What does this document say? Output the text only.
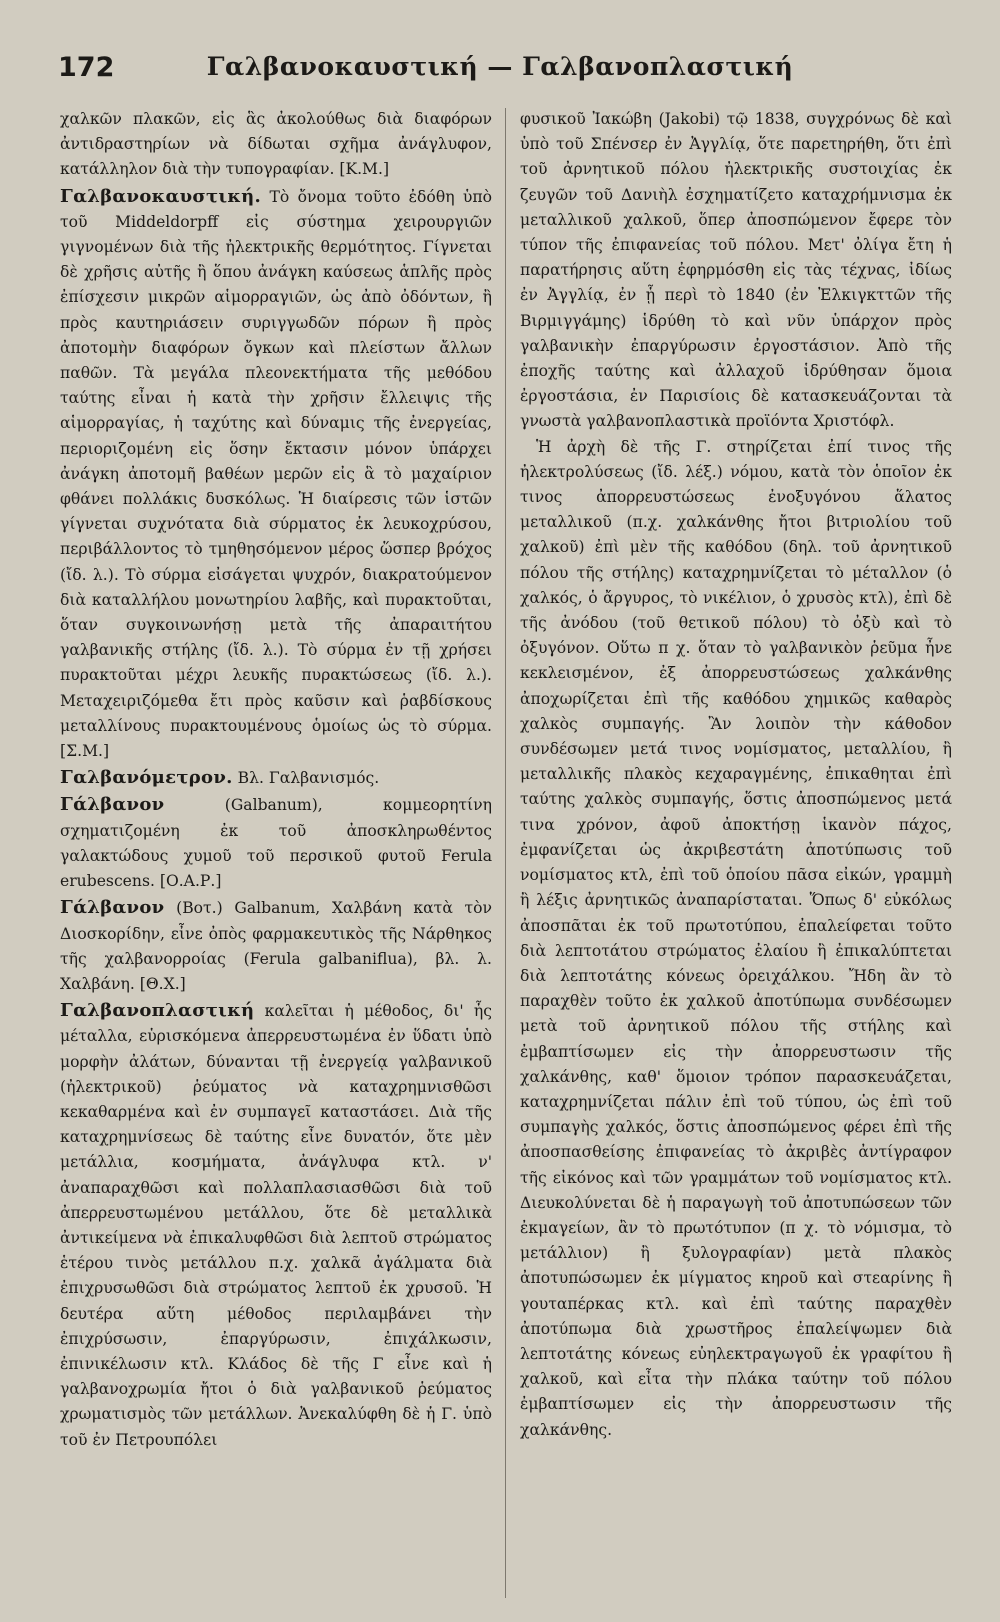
172	Γαλβανοκαυστική — Γαλβανοπλαστική

χαλκῶν πλακῶν, εἰς ἃς ἀκολούθως διὰ διαφόρων ἀντιδραστηρίων νὰ δίδωται σχῆμα ἀνάγλυφον, κατάλληλον διὰ τὴν τυπογραφίαν. [Κ.Μ.]

Γαλβανοκαυστική. Τὸ ὄνομα τοῦτο ἐδόθη ὑπὸ τοῦ Middeldorpff εἰς σύστημα χειρουργιῶν γιγνομένων διὰ τῆς ἠλεκτρικῆς θερμότητος. Γίγνεται δὲ χρῆσις αὐτῆς ἢ ὅπου ἀνάγκη καύσεως ἁπλῆς πρὸς ἐπίσχεσιν μικρῶν αἱμορραγιῶν, ὡς ἀπὸ ὀδόντων, ἢ πρὸς καυτηριάσειν συριγγωδῶν πόρων ἢ πρὸς ἀποτομὴν διαφόρων ὄγκων καὶ πλείστων ἄλλων παθῶν. Τὰ μεγάλα πλεονεκτήματα τῆς μεθόδου ταύτης εἶναι ἡ κατὰ τὴν χρῆσιν ἔλλειψις τῆς αἱμορραγίας, ἡ ταχύτης καὶ δύναμις τῆς ἐνεργείας, περιοριζομένη εἰς ὅσην ἔκτασιν μόνον ὑπάρχει ἀνάγκη ἀποτομῆ βαθέων μερῶν εἰς ἃ τὸ μαχαίριον φθάνει πολλάκις δυσκόλως. Ἡ διαίρεσις τῶν ἱστῶν γίγνεται συχνότατα διὰ σύρματος ἐκ λευκοχρύσου, περιβάλλοντος τὸ τμηθησόμενον μέρος ὥσπερ βρόχος (ἴδ. λ.). Τὸ σύρμα εἰσάγεται ψυχρόν, διακρατούμενον διὰ καταλλήλου μονωτηρίου λαβῆς, καὶ πυρακτοῦται, ὅταν συγκοινωνήσῃ μετὰ τῆς ἀπαραιτήτου γαλβανικῆς στήλης (ἴδ. λ.). Τὸ σύρμα ἐν τῇ χρήσει πυρακτοῦται μέχρι λευκῆς πυρακτώσεως (ἴδ. λ.). Μεταχειριζόμεθα ἔτι πρὸς καῦσιν καὶ ῥαβδίσκους μεταλλίνους πυρακτουμένους ὁμοίως ὡς τὸ σύρμα. [Σ.Μ.]

Γαλβανόμετρον. Βλ. Γαλβανισμός.

Γάλβανον (Galbanum), κομμεορητίνη σχηματιζομένη ἐκ τοῦ ἀποσκληρωθέντος γαλακτώδους χυμοῦ τοῦ περσικοῦ φυτοῦ Ferula erubescens. [Ο.Α.Ρ.]

Γάλβανον (Βοτ.) Galbanum, Χαλβάνη κατὰ τὸν Διοσκορίδην, εἶνε ὀπὸς φαρμακευτικὸς τῆς Νάρθηκος τῆς χαλβανορροίας (Ferula galbaniflua), βλ. λ. Χαλβάνη. [Θ.Χ.]

Γαλβανοπλαστική καλεῖται ἡ μέθοδος, δι' ἧς μέταλλα, εὑρισκόμενα ἀπερρευστωμένα ἐν ὕδατι ὑπὸ μορφὴν ἀλάτων, δύνανται τῇ ἐνεργείᾳ γαλβανικοῦ (ἠλεκτρικοῦ) ῥεύματος νὰ καταχρημνισθῶσι κεκαθαρμένα καὶ ἐν συμπαγεῖ καταστάσει. Διὰ τῆς καταχρημνίσεως δὲ ταύτης εἶνε δυνατόν, ὅτε μὲν μετάλλια, κοσμήματα, ἀνάγλυφα κτλ. ν' ἀναπαραχθῶσι καὶ πολλαπλασιασθῶσι διὰ τοῦ ἀπερρευστωμένου μετάλλου, ὅτε δὲ μεταλλικὰ ἀντικείμενα νὰ ἐπικαλυφθῶσι διὰ λεπτοῦ στρώματος ἑτέρου τινὸς μετάλλου π.χ. χαλκᾶ ἀγάλματα διὰ ἐπιχρυσωθῶσι διὰ στρώματος λεπτοῦ ἐκ χρυσοῦ. Ἡ δευτέρα αὕτη μέθοδος περιλαμβάνει τὴν ἐπιχρύσωσιν, ἐπαργύρωσιν, ἐπιχάλκωσιν, ἐπινικέλωσιν κτλ. Κλάδος δὲ τῆς Γ εἶνε καὶ ἡ γαλβανοχρωμία ἤτοι ὁ διὰ γαλβανικοῦ ῥεύματος χρωματισμὸς τῶν μετάλλων. Ἀνεκαλύφθη δὲ ἡ Γ. ὑπὸ τοῦ ἐν Πετρουπόλει

φυσικοῦ Ἰακώβη (Jakobi) τῷ 1838, συγχρόνως δὲ καὶ ὑπὸ τοῦ Σπένσερ ἐν Ἀγγλίᾳ, ὅτε παρετηρήθη, ὅτι ἐπὶ τοῦ ἀρνητικοῦ πόλου ἠλεκτρικῆς συστοιχίας ἐκ ζευγῶν τοῦ Δανιὴλ ἐσχηματίζετο καταχρήμνισμα ἐκ μεταλλικοῦ χαλκοῦ, ὅπερ ἀποσπώμενον ἔφερε τὸν τύπον τῆς ἐπιφανείας τοῦ πόλου. Μετ' ὀλίγα ἔτη ἡ παρατήρησις αὕτη ἐφηρμόσθη εἰς τὰς τέχνας, ἰδίως ἐν Ἀγγλίᾳ, ἐν ᾗ περὶ τὸ 1840 (ἐν Ἐλκιγκττῶν τῆς Βιρμιγγάμης) ἱδρύθη τὸ καὶ νῦν ὑπάρχον πρὸς γαλβανικὴν ἐπαργύρωσιν ἐργοστάσιον. Ἀπὸ τῆς ἐποχῆς ταύτης καὶ ἀλλαχοῦ ἱδρύθησαν ὅμοια ἐργοστάσια, ἐν Παρισίοις δὲ κατασκευάζονται τὰ γνωστὰ γαλβανοπλαστικὰ προϊόντα Χριστόφλ.

Ἡ ἀρχὴ δὲ τῆς Γ. στηρίζεται ἐπί τινος τῆς ἠλεκτρολύσεως (ἴδ. λέξ.) νόμου, κατὰ τὸν ὁποῖον ἐκ τινος ἀπορρευστώσεως ἐνοξυγόνου ἅλατος μεταλλικοῦ (π.χ. χαλκάνθης ἤτοι βιτριολίου τοῦ χαλκοῦ) ἐπὶ μὲν τῆς καθόδου (δηλ. τοῦ ἀρνητικοῦ πόλου τῆς στήλης) καταχρημνίζεται τὸ μέταλλον (ὁ χαλκός, ὁ ἄργυρος, τὸ νικέλιον, ὁ χρυσὸς κτλ), ἐπὶ δὲ τῆς ἀνόδου (τοῦ θετικοῦ πόλου) τὸ ὀξὺ καὶ τὸ ὀξυγόνον. Οὕτω π χ. ὅταν τὸ γαλβανικὸν ῥεῦμα ἦνε κεκλεισμένον, ἐξ ἀπορρευστώσεως χαλκάνθης ἀποχωρίζεται ἐπὶ τῆς καθόδου χημικῶς καθαρὸς χαλκὸς συμπαγής. Ἂν λοιπὸν τὴν κάθοδον συνδέσωμεν μετά τινος νομίσματος, μεταλλίου, ἢ μεταλλικῆς πλακὸς κεχαραγμένης, ἐπικαθηται ἐπὶ ταύτης χαλκὸς συμπαγής, ὅστις ἀποσπώμενος μετά τινα χρόνον, ἀφοῦ ἀποκτήσῃ ἱκανὸν πάχος, ἐμφανίζεται ὡς ἀκριβεστάτη ἀποτύπωσις τοῦ νομίσματος κτλ, ἐπὶ τοῦ ὁποίου πᾶσα εἰκών, γραμμὴ ἢ λέξις ἀρνητικῶς ἀναπαρίσταται. Ὅπως δ' εὐκόλως ἀποσπᾶται ἐκ τοῦ πρωτοτύπου, ἐπαλείφεται τοῦτο διὰ λεπτοτάτου στρώματος ἐλαίου ἢ ἐπικαλύπτεται διὰ λεπτοτάτης κόνεως ὀρειχάλκου. Ἤδη ἂν τὸ παραχθὲν τοῦτο ἐκ χαλκοῦ ἀποτύπωμα συνδέσωμεν μετὰ τοῦ ἀρνητικοῦ πόλου τῆς στήλης καὶ ἐμβαπτίσωμεν εἰς τὴν ἀπορρευστωσιν τῆς χαλκάνθης, καθ' ὅμοιον τρόπον παρασκευάζεται, καταχρημνίζεται πάλιν ἐπὶ τοῦ τύπου, ὡς ἐπὶ τοῦ συμπαγὴς χαλκός, ὅστις ἀποσπώμενος φέρει ἐπὶ τῆς ἀποσπασθείσης ἐπιφανείας τὸ ἀκριβὲς ἀντίγραφον τῆς εἰκόνος καὶ τῶν γραμμάτων τοῦ νομίσματος κτλ. Διευκολύνεται δὲ ἡ παραγωγὴ τοῦ ἀποτυπώσεων τῶν ἐκμαγείων, ἂν τὸ πρωτότυπον (π χ. τὸ νόμισμα, τὸ μετάλλιον) ἢ ξυλογραφίαν) μετὰ πλακὸς ἀποτυπώσωμεν ἐκ μίγματος κηροῦ καὶ στεαρίνης ἢ γουταπέρκας κτλ. καὶ ἐπὶ ταύτης παραχθὲν ἀποτύπωμα διὰ χρωστῆρος ἐπαλείψωμεν διὰ λεπτοτάτης κόνεως εὐηλεκτραγωγοῦ ἐκ γραφίτου ἢ χαλκοῦ, καὶ εἶτα τὴν πλάκα ταύτην τοῦ πόλου ἐμβαπτίσωμεν εἰς τὴν ἀπορρευστωσιν τῆς χαλκάνθης.
